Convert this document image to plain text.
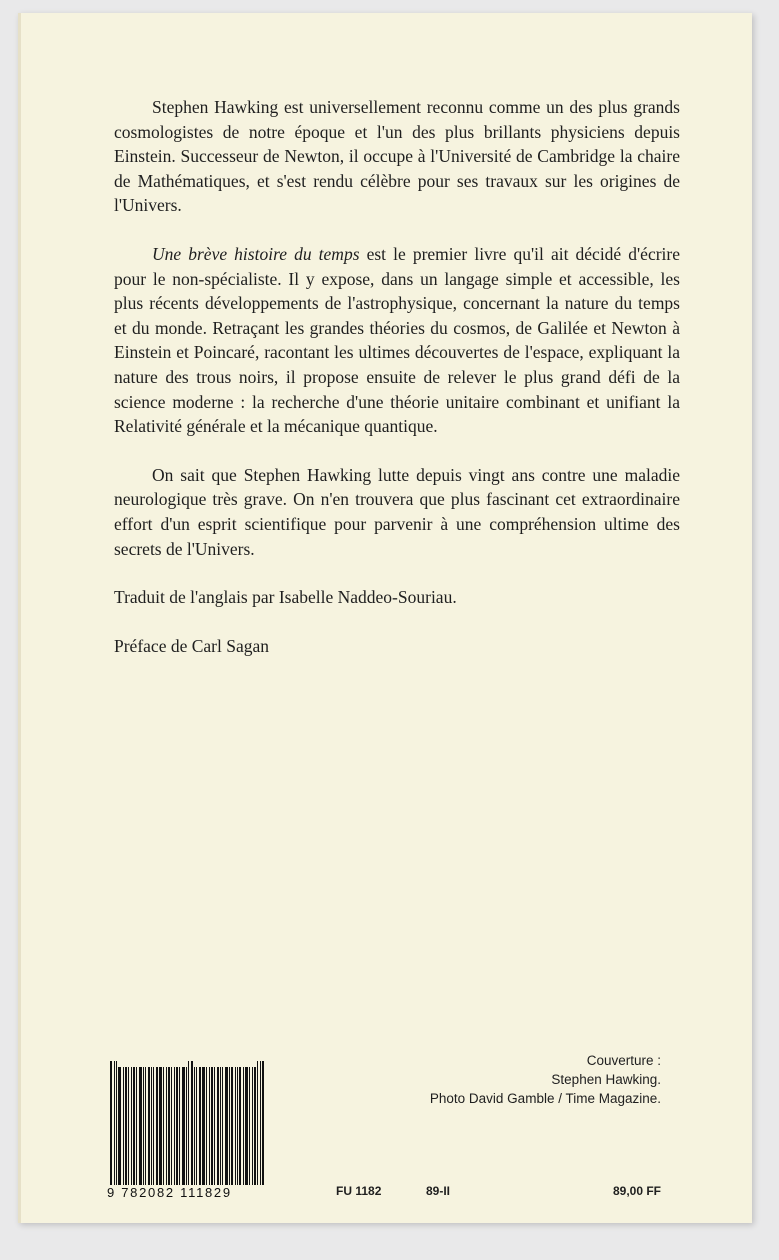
Stephen Hawking est universellement reconnu comme un des plus grands cosmologistes de notre époque et l'un des plus brillants physiciens depuis Einstein. Successeur de Newton, il occupe à l'Université de Cambridge la chaire de Mathématiques, et s'est rendu célèbre pour ses travaux sur les origines de l'Univers.

Une brève histoire du temps est le premier livre qu'il ait décidé d'écrire pour le non-spécialiste. Il y expose, dans un langage simple et accessible, les plus récents développements de l'astrophysique, concernant la nature du temps et du monde. Retraçant les grandes théories du cosmos, de Galilée et Newton à Einstein et Poincaré, racontant les ultimes découvertes de l'espace, expliquant la nature des trous noirs, il propose ensuite de relever le plus grand défi de la science moderne : la recherche d'une théorie unitaire combinant et unifiant la Relativité générale et la mécanique quantique.

On sait que Stephen Hawking lutte depuis vingt ans contre une maladie neurologique très grave. On n'en trouvera que plus fascinant cet extraordinaire effort d'un esprit scientifique pour parvenir à une compréhension ultime des secrets de l'Univers.

Traduit de l'anglais par Isabelle Naddeo-Souriau.

Préface de Carl Sagan

Couverture :
Stephen Hawking.
Photo David Gamble / Time Magazine.
9 782082 111829	FU 1182	89-II	89,00 FF
